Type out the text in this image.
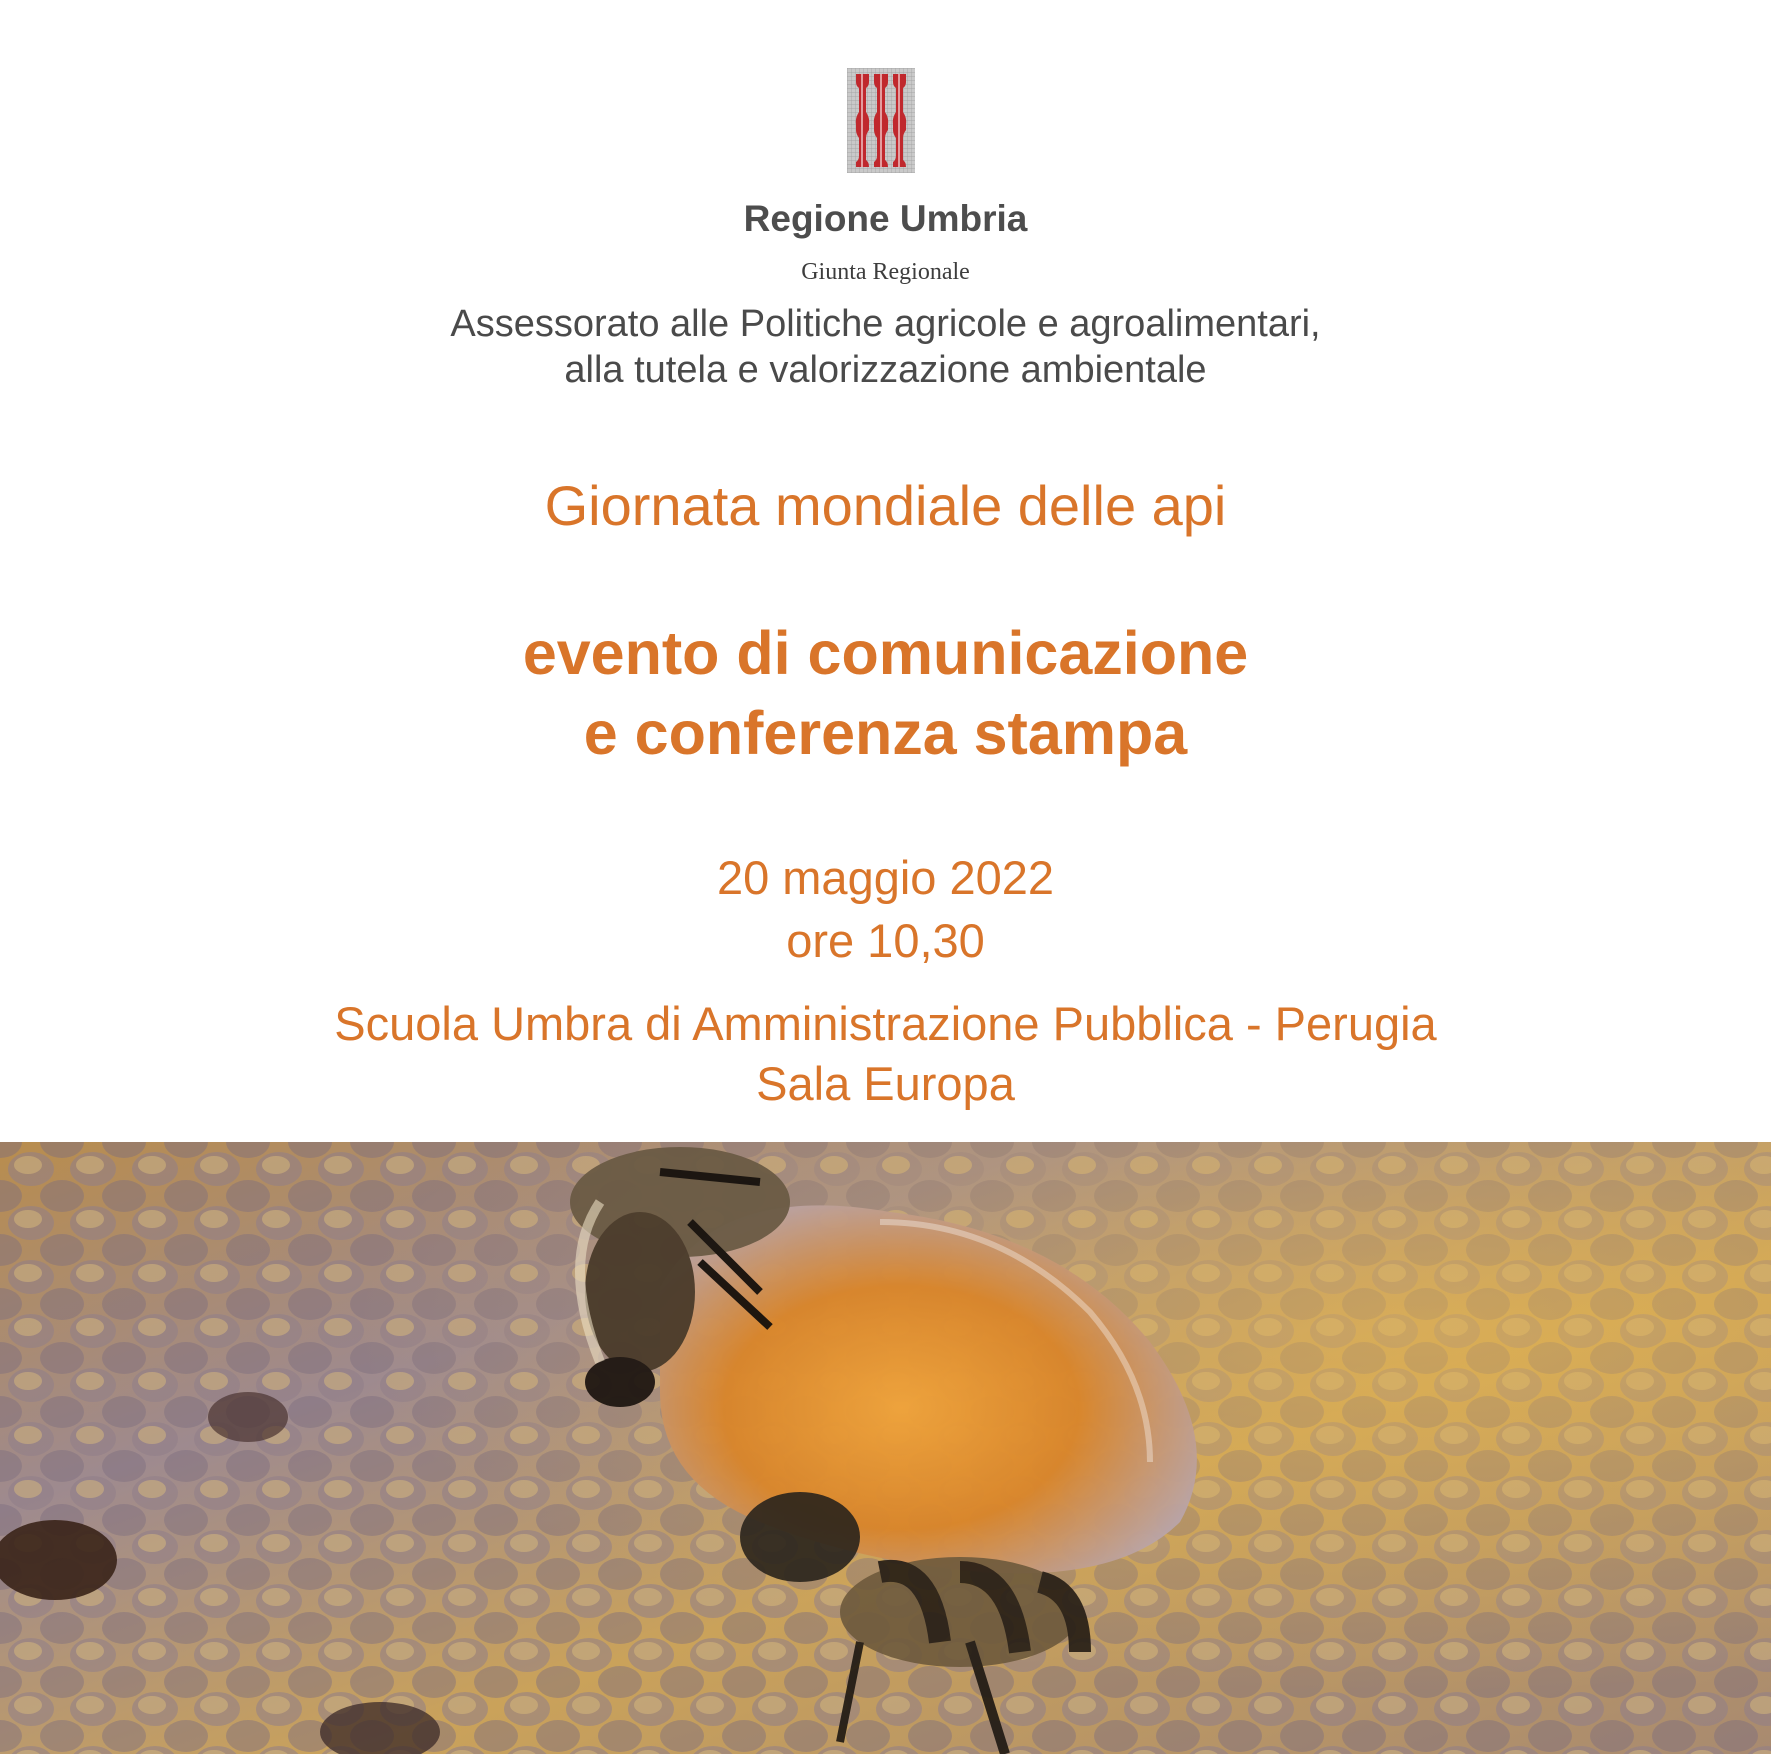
Regione Umbria
Giunta Regionale
Assessorato alle Politiche agricole e agroalimentari,
alla tutela e valorizzazione ambientale
Giornata mondiale delle api
evento di comunicazione
e conferenza stampa
20 maggio 2022
ore 10,30
Scuola Umbra di Amministrazione Pubblica - Perugia
Sala Europa
